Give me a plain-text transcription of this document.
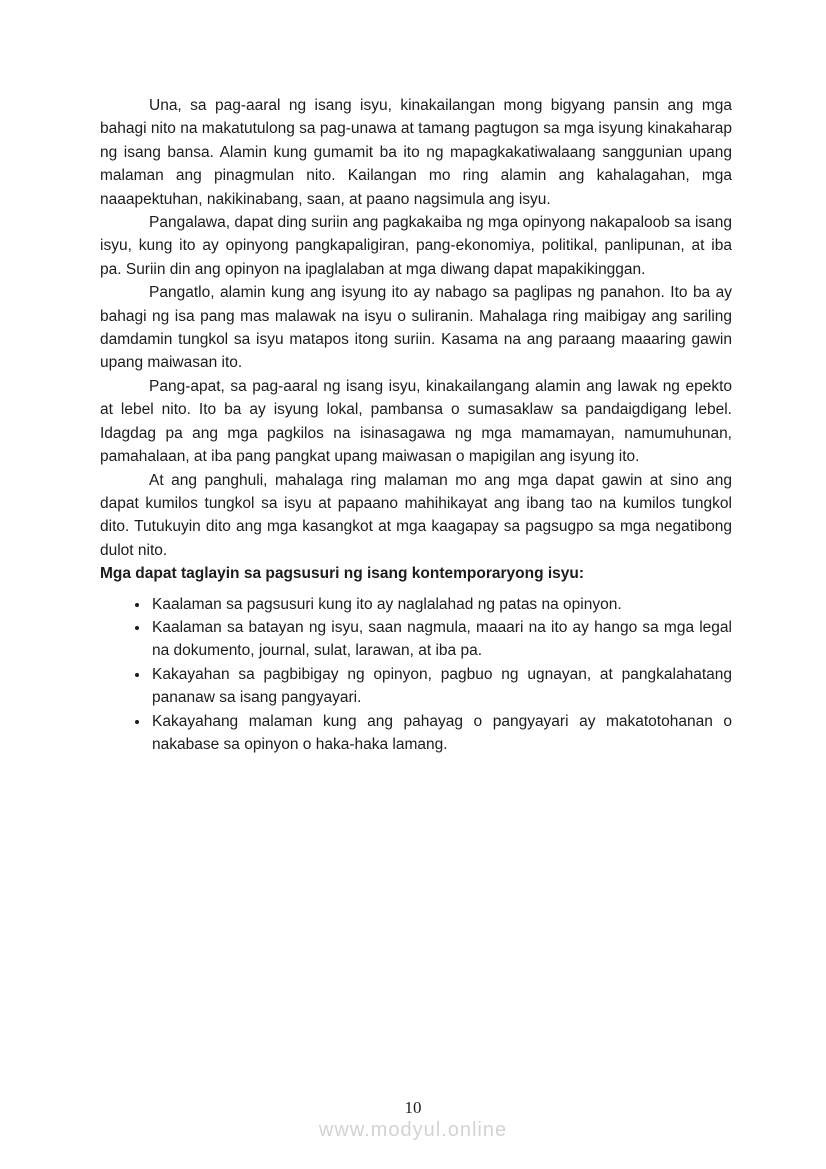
Una, sa pag-aaral ng isang isyu, kinakailangan mong bigyang pansin ang mga bahagi nito na makatutulong sa pag-unawa at tamang pagtugon sa mga isyung kinakaharap ng isang bansa. Alamin kung gumamit ba ito ng mapagkakatiwalaang sanggunian upang malaman ang pinagmulan nito. Kailangan mo ring alamin ang kahalagahan, mga naaapektuhan, nakikinabang, saan, at paano nagsimula ang isyu.

Pangalawa, dapat ding suriin ang pagkakaiba ng mga opinyong nakapaloob sa isang isyu, kung ito ay opinyong pangkapaligiran, pang-ekonomiya, politikal, panlipunan, at iba pa. Suriin din ang opinyon na ipaglalaban at mga diwang dapat mapakikinggan.

Pangatlo, alamin kung ang isyung ito ay nabago sa paglipas ng panahon. Ito ba ay bahagi ng isa pang mas malawak na isyu o suliranin. Mahalaga ring maibigay ang sariling damdamin tungkol sa isyu matapos itong suriin. Kasama na ang paraang maaaring gawin upang maiwasan ito.

Pang-apat, sa pag-aaral ng isang isyu, kinakailangang alamin ang lawak ng epekto at lebel nito. Ito ba ay isyung lokal, pambansa o sumasaklaw sa pandaigdigang lebel. Idagdag pa ang mga pagkilos na isinasagawa ng mga mamamayan, namumuhunan, pamahalaan, at iba pang pangkat upang maiwasan o mapigilan ang isyung ito.

At ang panghuli, mahalaga ring malaman mo ang mga dapat gawin at sino ang dapat kumilos tungkol sa isyu at papaano mahihikayat ang ibang tao na kumilos tungkol dito. Tutukuyin dito ang mga kasangkot at mga kaagapay sa pagsugpo sa mga negatibong dulot nito.

Mga dapat taglayin sa pagsusuri ng isang kontemporaryong isyu:
• Kaalaman sa pagsusuri kung ito ay naglalahad ng patas na opinyon.
• Kaalaman sa batayan ng isyu, saan nagmula, maaari na ito ay hango sa mga legal na dokumento, journal, sulat, larawan, at iba pa.
• Kakayahan sa pagbibigay ng opinyon, pagbuo ng ugnayan, at pangkalahatang pananaw sa isang pangyayari.
• Kakayahang malaman kung ang pahayag o pangyayari ay makatotohanan o nakabase sa opinyon o haka-haka lamang.
10
www.modyul.online
